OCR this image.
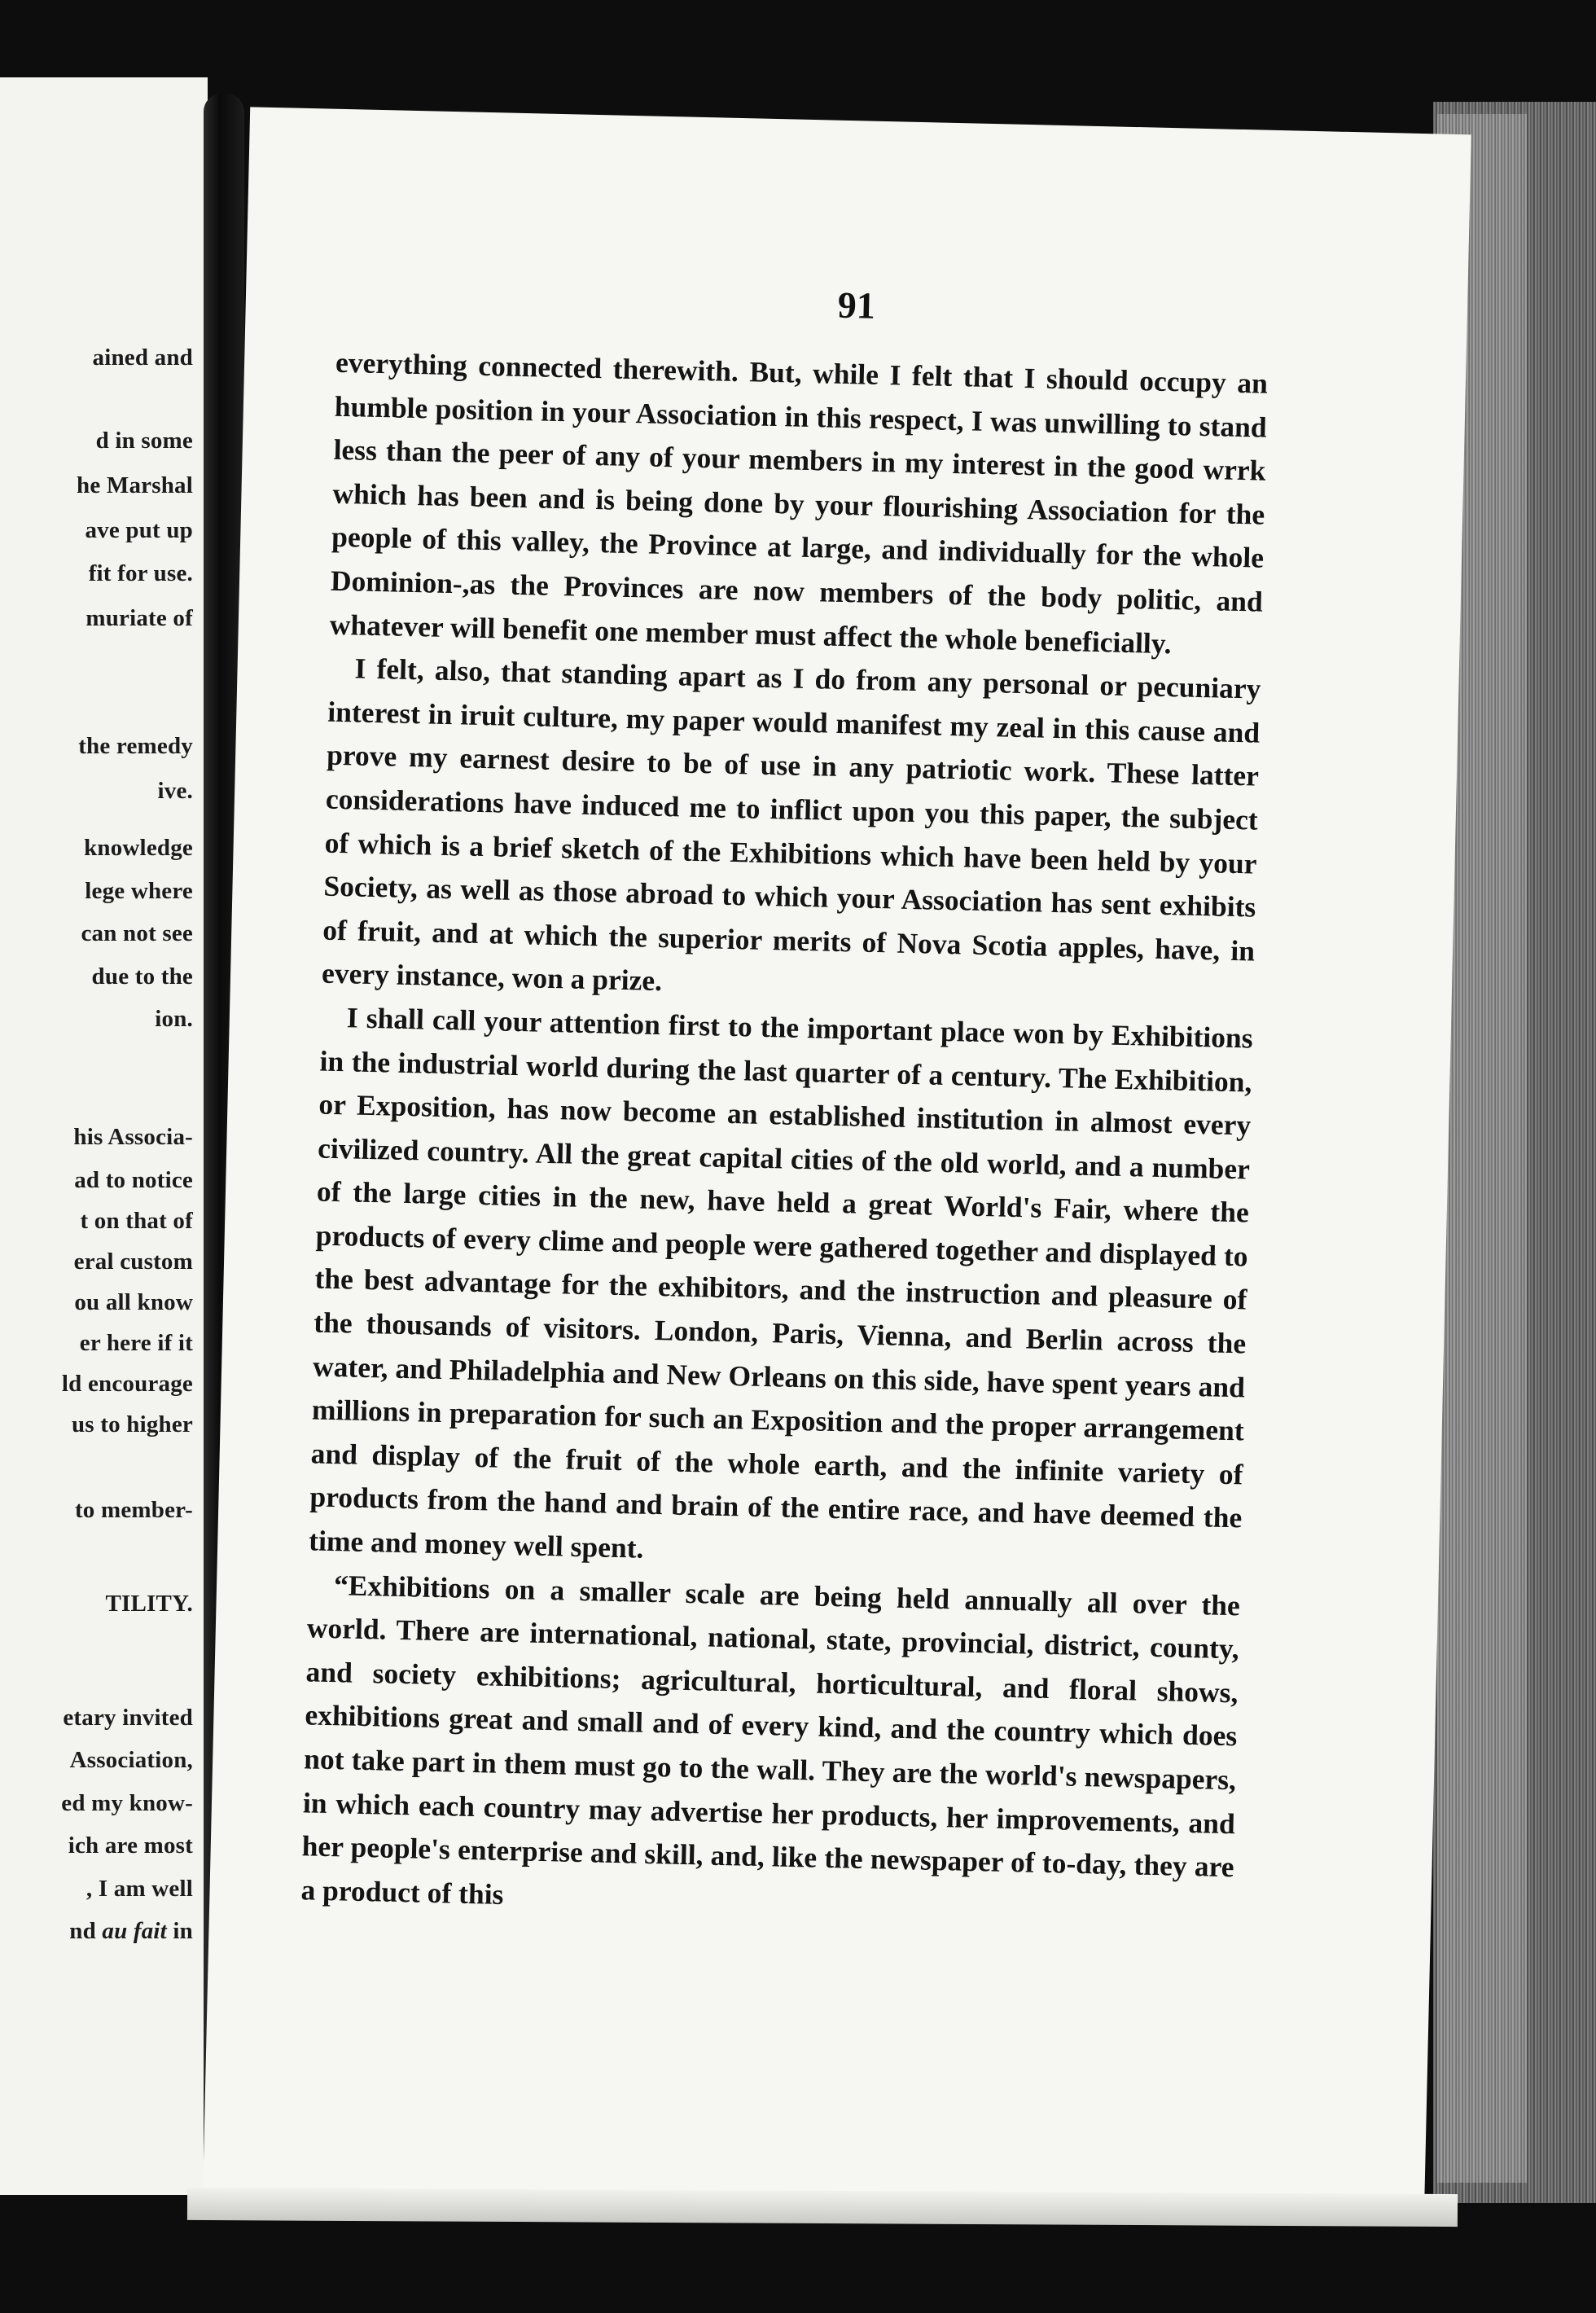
ained and
d in some
he Marshal
ave put up
fit for use.
muriate of
the remedy
ive.
knowledge
lege where
can not see
due to the
ion.
his Associa-
ad to notice
t on that of
eral custom
ou all know
er here if it
ld encourage
us to higher
to member-
TILITY.
etary invited
Association,
ed my know-
ich are most
, I am well
nd au fait in
91

everything connected therewith. But, while I felt that I should occupy an humble position in your Association in this respect, I was unwilling to stand less than the peer of any of your members in my interest in the good wrrk which has been and is being done by your flourishing Association for the people of this valley, the Province at large, and individually for the whole Dominion-,as the Provinces are now members of the body politic, and whatever will benefit one member must affect the whole beneficially.

I felt, also, that standing apart as I do from any personal or pecuniary interest in iruit culture, my paper would manifest my zeal in this cause and prove my earnest desire to be of use in any patriotic work. These latter considerations have induced me to inflict upon you this paper, the subject of which is a brief sketch of the Exhibitions which have been held by your Society, as well as those abroad to which your Association has sent exhibits of fruit, and at which the superior merits of Nova Scotia apples, have, in every instance, won a prize.

I shall call your attention first to the important place won by Exhibitions in the industrial world during the last quarter of a century. The Exhibition, or Exposition, has now become an established institution in almost every civilized country. All the great capital cities of the old world, and a number of the large cities in the new, have held a great World's Fair, where the products of every clime and people were gathered together and displayed to the best advantage for the exhibitors, and the instruction and pleasure of the thousands of visitors. London, Paris, Vienna, and Berlin across the water, and Philadelphia and New Orleans on this side, have spent years and millions in preparation for such an Exposition and the proper arrangement and display of the fruit of the whole earth, and the infinite variety of products from the hand and brain of the entire race, and have deemed the time and money well spent.

“Exhibitions on a smaller scale are being held annually all over the world. There are international, national, state, provincial, district, county, and society exhibitions; agricultural, horticultural, and floral shows, exhibitions great and small and of every kind, and the country which does not take part in them must go to the wall. They are the world's newspapers, in which each country may advertise her products, her improvements, and her people's enterprise and skill, and, like the newspaper of to-day, they are a product of this
